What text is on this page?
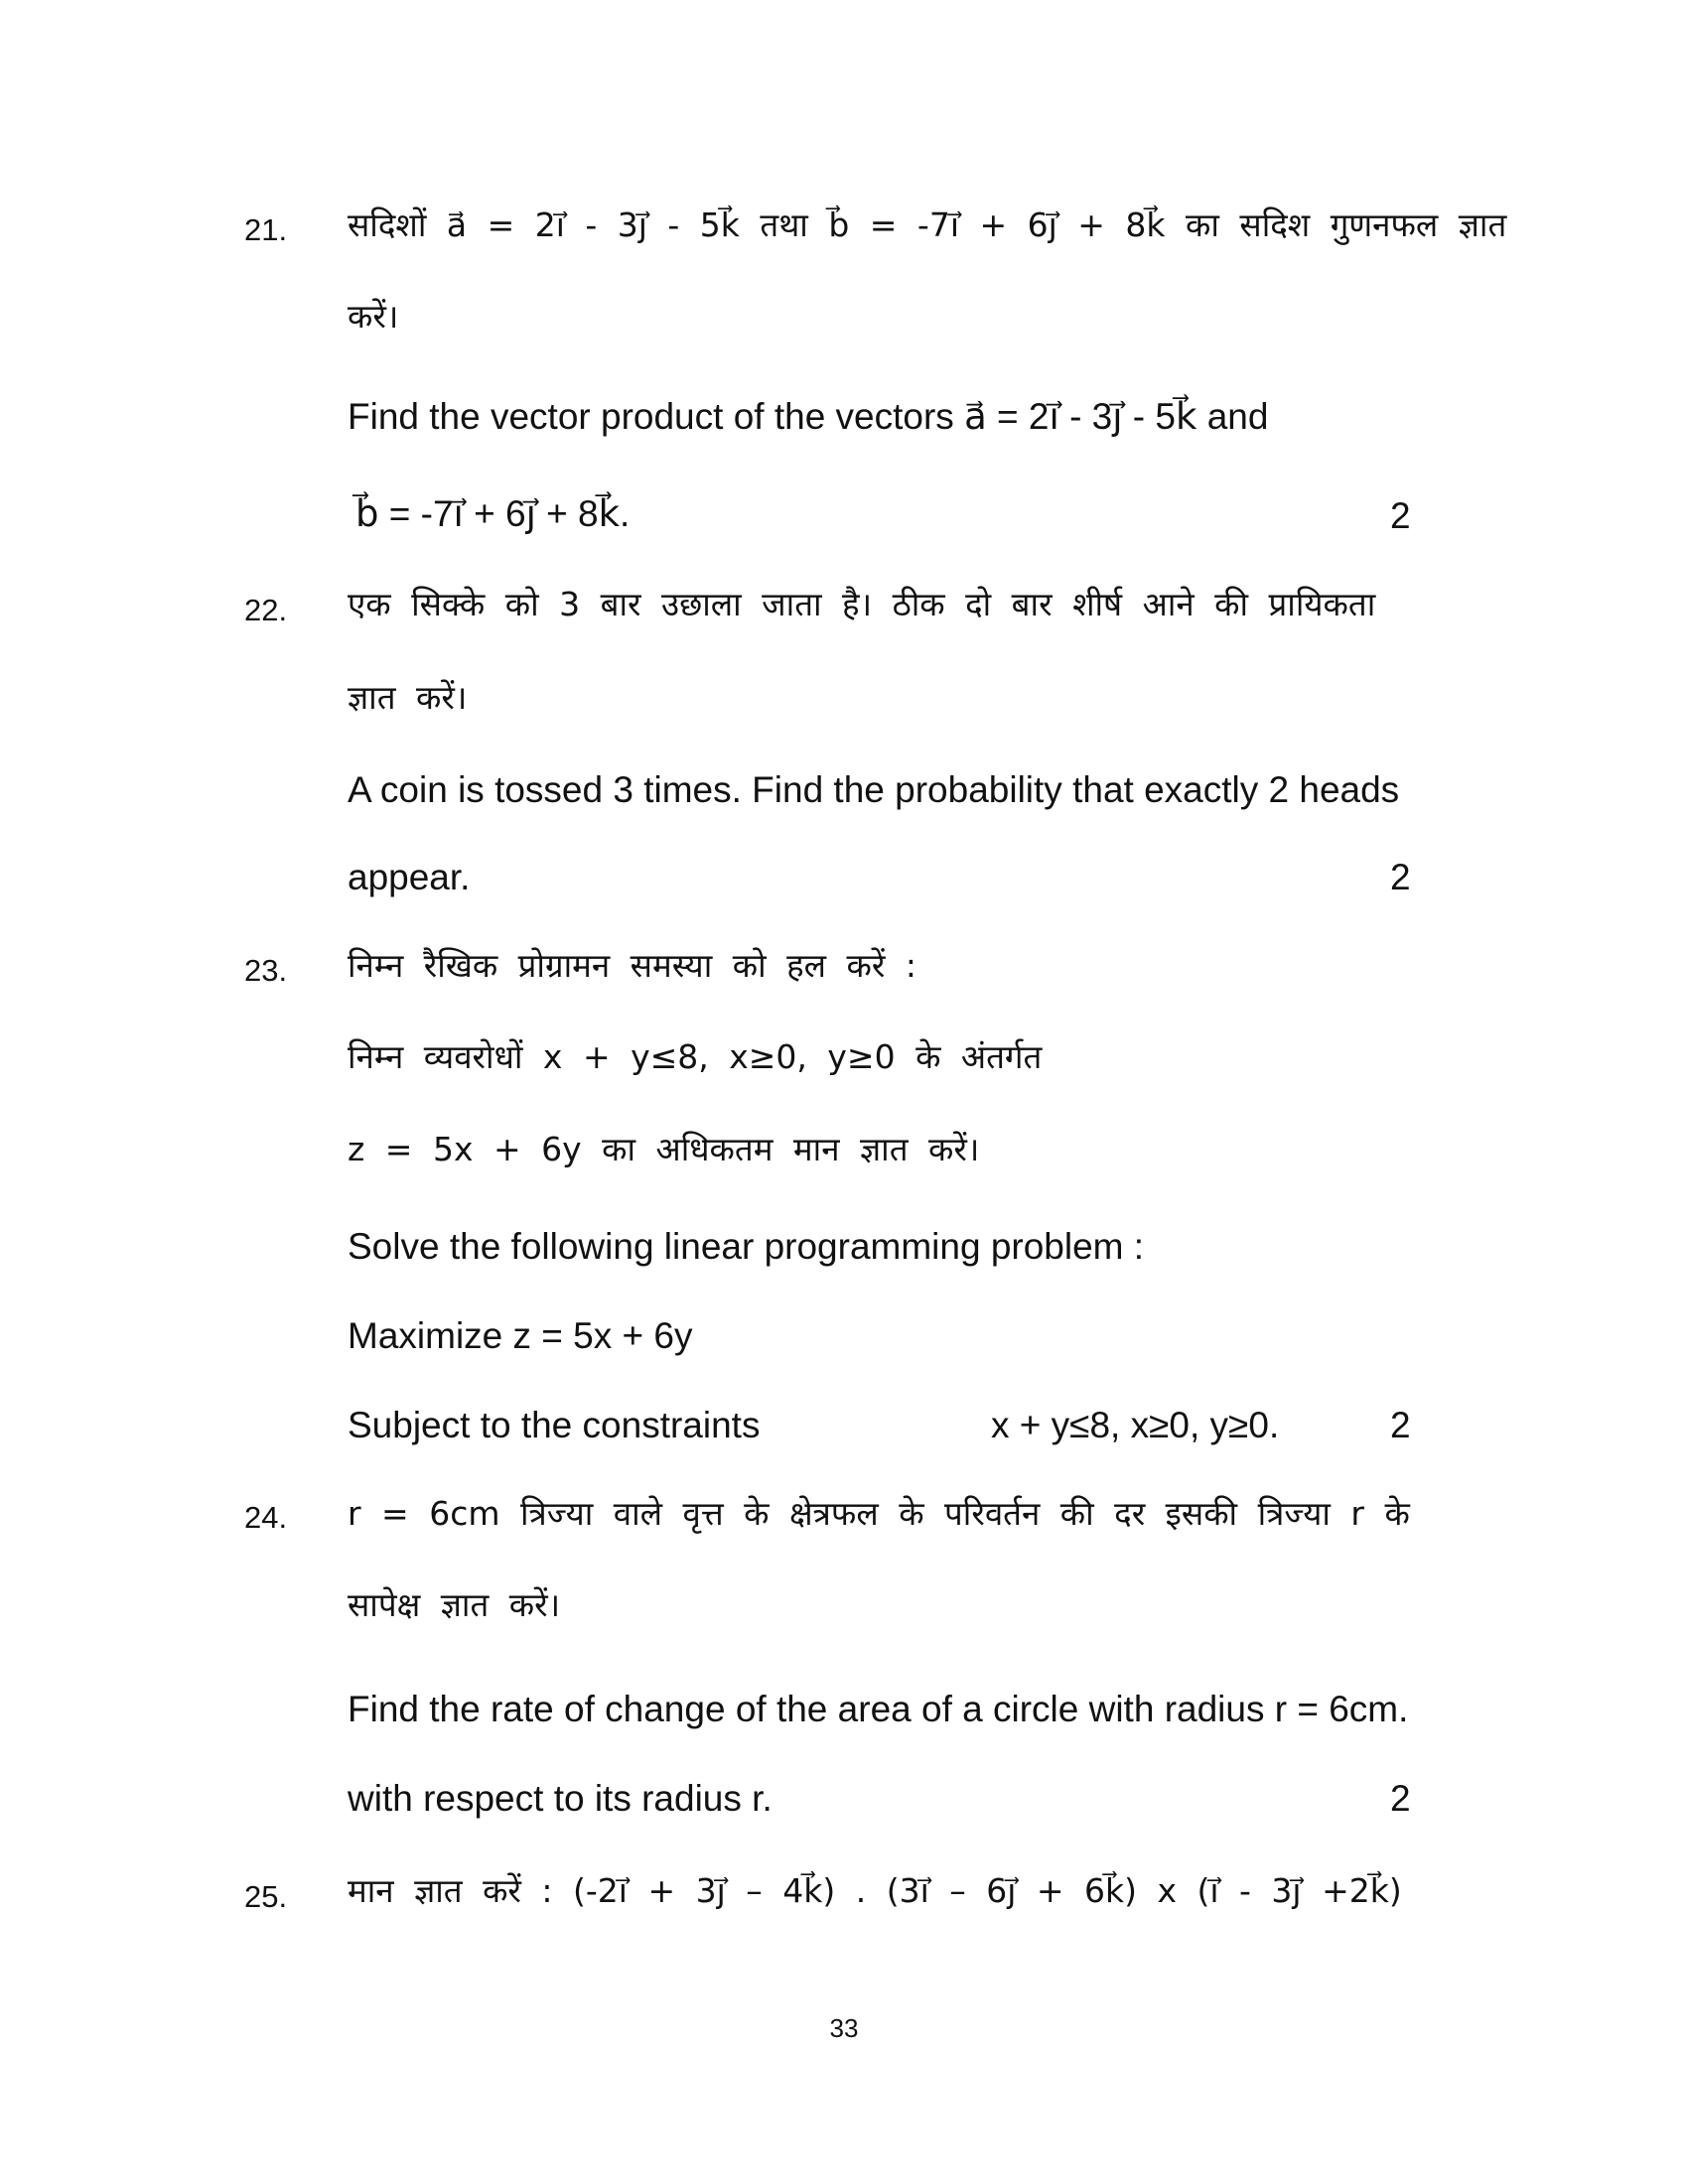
21. सदिशों a⃗ = 2i⃗ - 3j⃗ - 5k⃗ तथा b⃗ = -7i⃗ + 6j⃗ + 8k⃗ का सदिश गुणनफल ज्ञात
करें।
Find the vector product of the vectors a⃗ = 2i⃗ - 3j⃗ - 5k⃗ and
b⃗ = -7i⃗ + 6j⃗ + 8k⃗.	2
22. एक सिक्के को 3 बार उछाला जाता है। ठीक दो बार शीर्ष आने की प्रायिकता
ज्ञात करें।
A coin is tossed 3 times. Find the probability that exactly 2 heads
appear.	2
23. निम्न रैखिक प्रोग्रामन समस्या को हल करें :
निम्न व्यवरोधों x + y≤8, x≥0, y≥0 के अंतर्गत
z = 5x + 6y का अधिकतम मान ज्ञात करें।
Solve the following linear programming problem :
Maximize z = 5x + 6y
Subject to the constraints	x + y≤8, x≥0, y≥0.	2
24. r = 6cm त्रिज्या वाले वृत्त के क्षेत्रफल के परिवर्तन की दर इसकी त्रिज्या r के
सापेक्ष ज्ञात करें।
Find the rate of change of the area of a circle with radius r = 6cm.
with respect to its radius r.	2
25. मान ज्ञात करें : (-2i⃗ + 3j⃗ – 4k⃗) . (3i⃗ – 6j⃗ + 6k⃗) x (i⃗ - 3j⃗ +2k⃗)
33
